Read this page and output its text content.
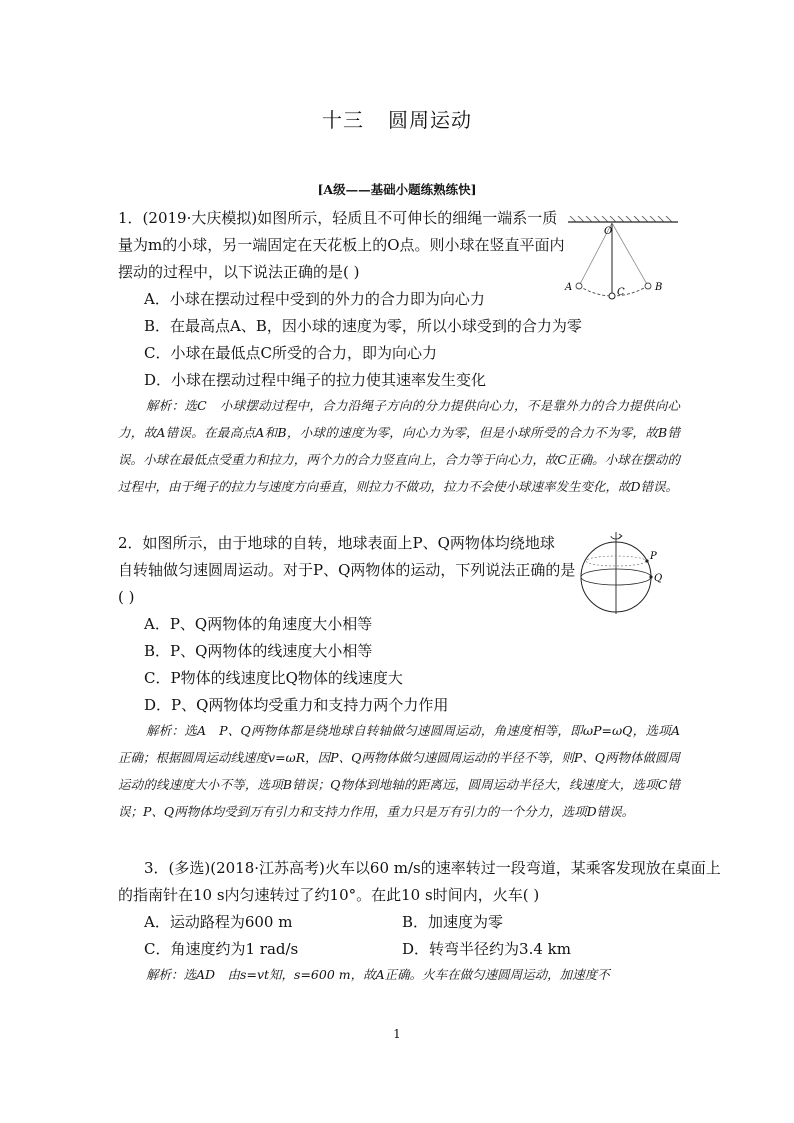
十三 圆周运动
[A级——基础小题练熟练快]
1．(2019·大庆模拟)如图所示，轻质且不可伸长的细绳一端系一质
量为m的小球，另一端固定在天花板上的O点。则小球在竖直平面内
摆动的过程中，以下说法正确的是( )
A．小球在摆动过程中受到的外力的合力即为向心力
B．在最高点A、B，因小球的速度为零，所以小球受到的合力为零
C．小球在最低点C所受的合力，即为向心力
D．小球在摆动过程中绳子的拉力使其速率发生变化
O
A	C	B
解析：选C　小球摆动过程中，合力沿绳子方向的分力提供向心力，不是靠外力的合力提供向心力，故A错误。在最高点A和B，小球的速度为零，向心力为零，但是小球所受的合力不为零，故B错误。小球在最低点受重力和拉力，两个力的合力竖直向上，合力等于向心力，故C正确。小球在摆动的过程中，由于绳子的拉力与速度方向垂直，则拉力不做功，拉力不会使小球速率发生变化，故D错误。
2．如图所示，由于地球的自转，地球表面上P、Q两物体均绕地球
自转轴做匀速圆周运动。对于P、Q两物体的运动，下列说法正确的是
( )
A．P、Q两物体的角速度大小相等
B．P、Q两物体的线速度大小相等
C．P物体的线速度比Q物体的线速度大
D．P、Q两物体均受重力和支持力两个力作用
P
Q
解析：选A　P、Q两物体都是绕地球自转轴做匀速圆周运动，角速度相等，即ωP=ωQ，选项A正确；根据圆周运动线速度v=ωR，因P、Q两物体做匀速圆周运动的半径不等，则P、Q两物体做圆周运动的线速度大小不等，选项B错误；Q物体到地轴的距离远，圆周运动半径大，线速度大，选项C错误；P、Q两物体均受到万有引力和支持力作用，重力只是万有引力的一个分力，选项D错误。
3．(多选)(2018·江苏高考)火车以60 m/s的速率转过一段弯道，某乘客发现放在桌面上
的指南针在10 s内匀速转过了约10°。在此10 s时间内，火车( )
A．运动路程为600 m	B．加速度为零
C．角速度约为1 rad/s	D．转弯半径约为3.4 km
解析：选AD　由s=vt知，s=600 m，故A正确。火车在做匀速圆周运动，加速度不
1
